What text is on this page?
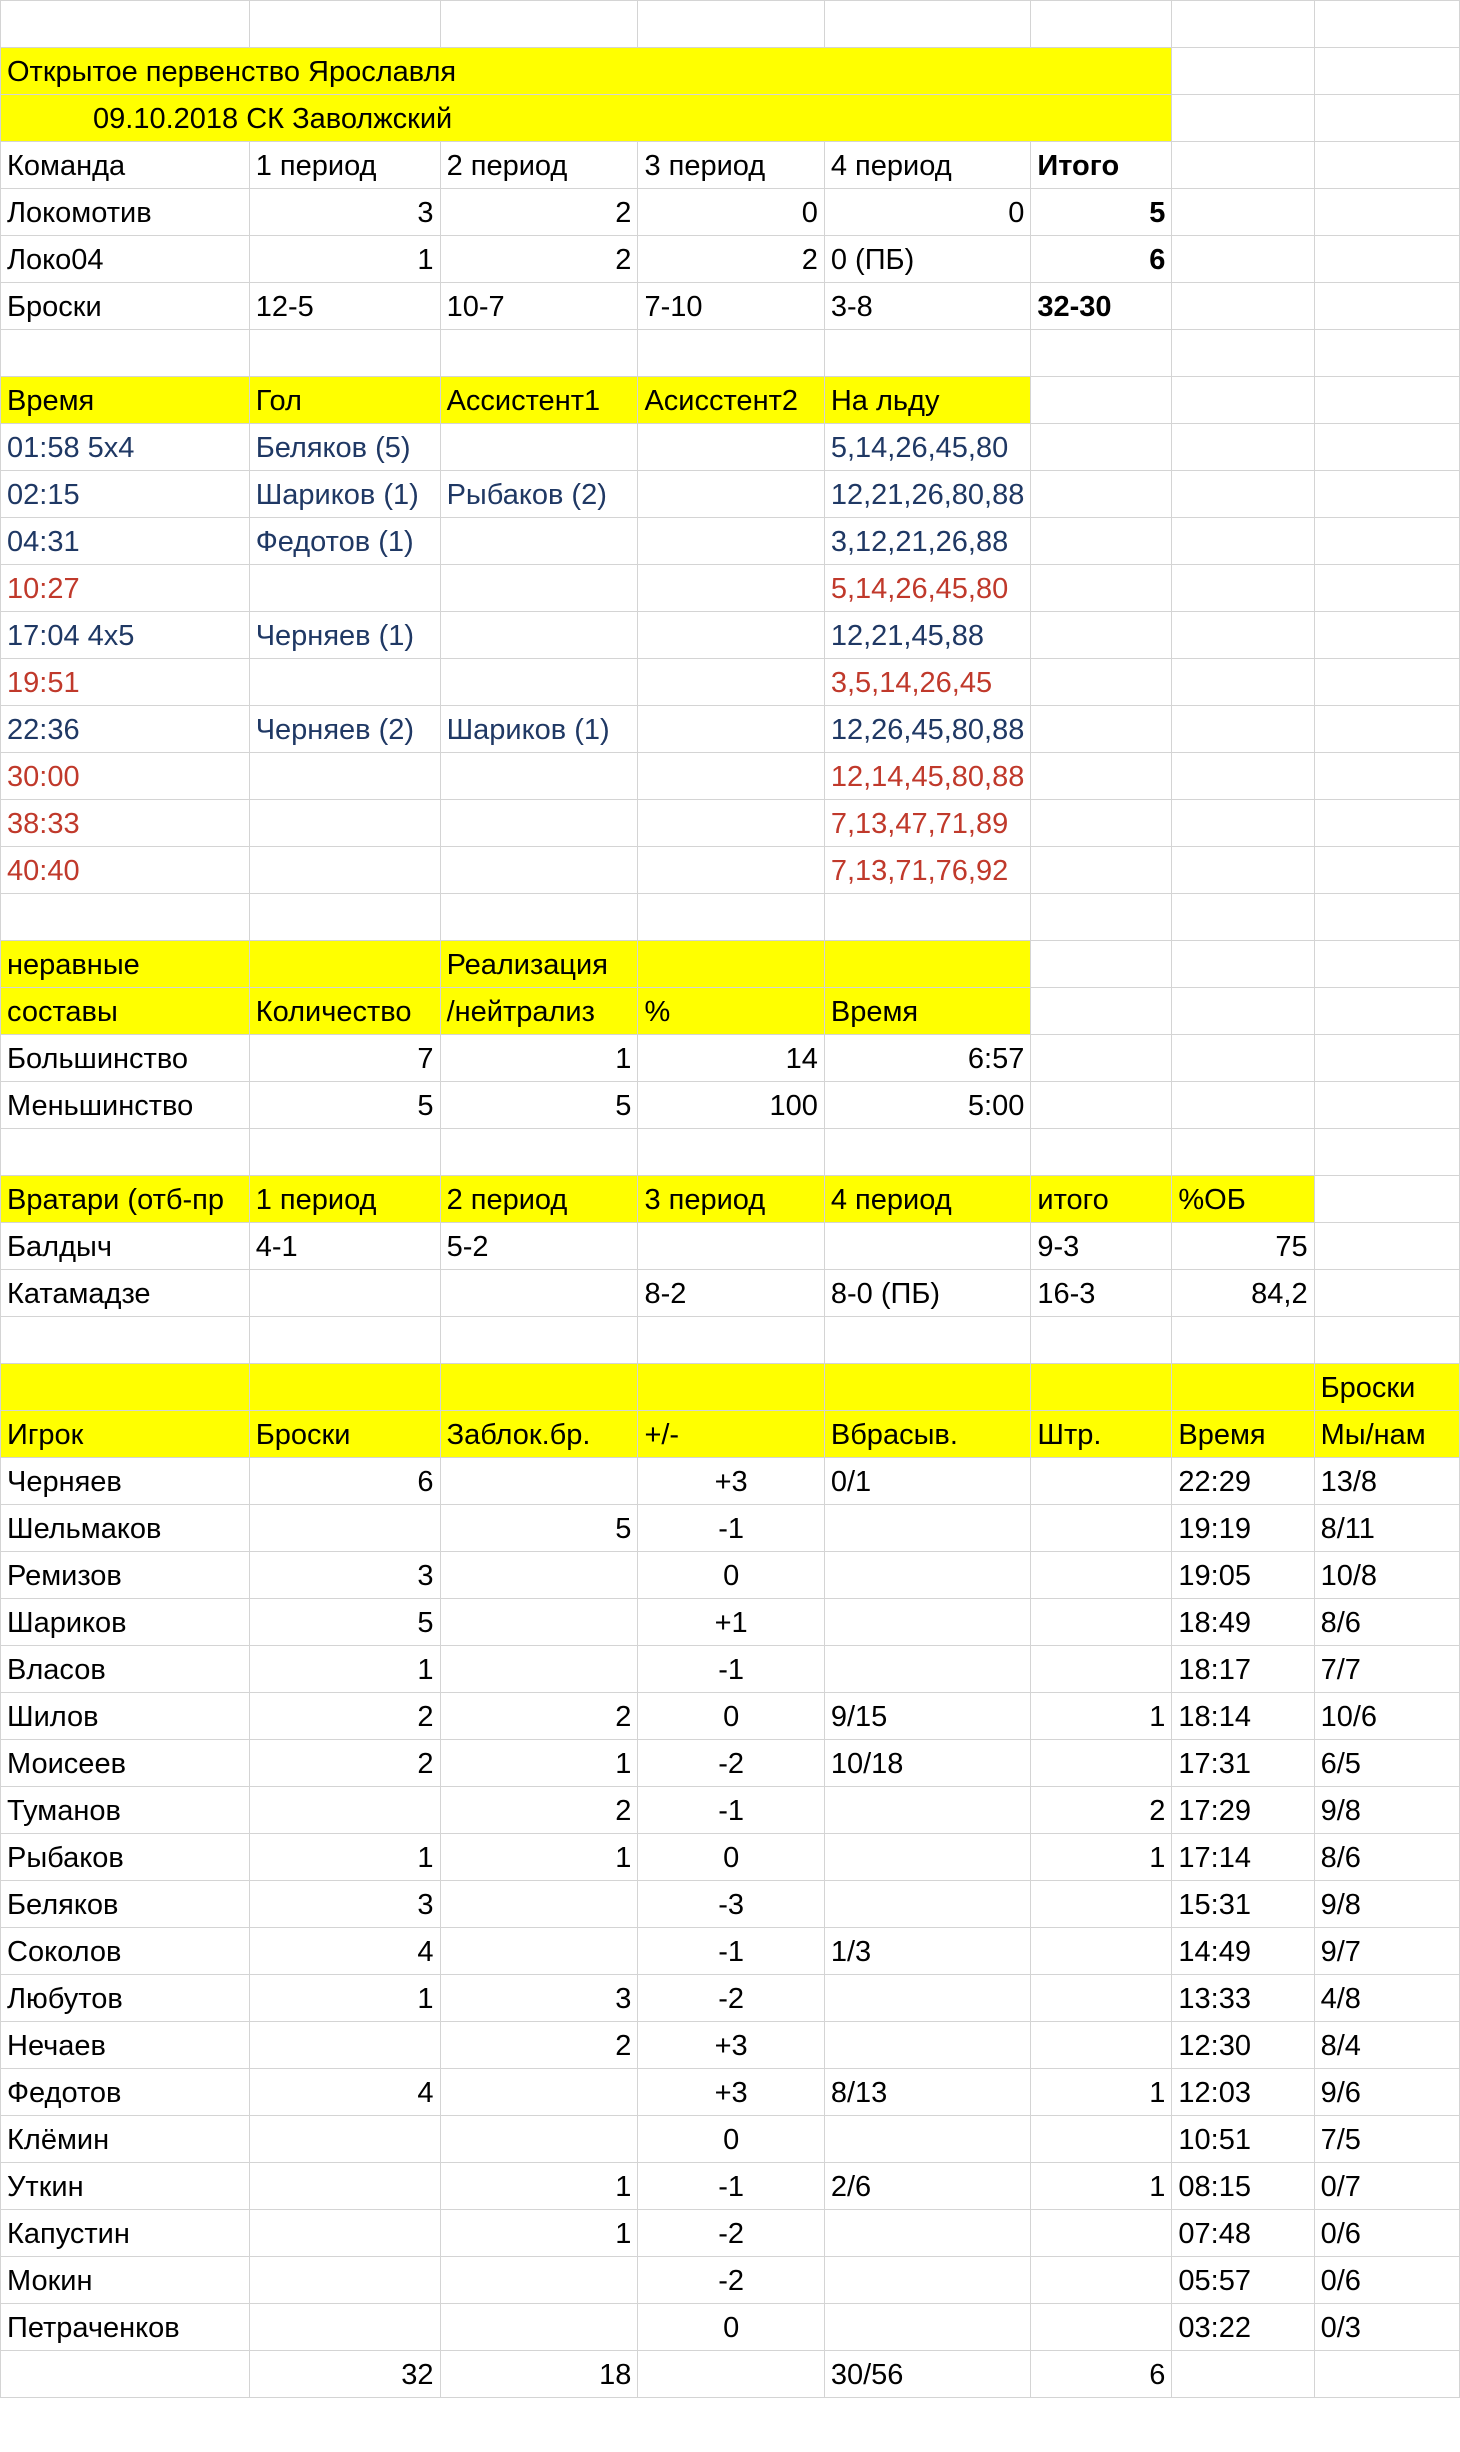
Открытое первенство Ярославля							
09.10.2018 СК Заволжский							
Команда	1 период	2 период	3 период	4 период	Итого		
Локомотив	3	2	0	0	5		
Локо04	1	2	2	0 (ПБ)	6		
Броски	12-5	10-7	7-10	3-8	32-30		

Время	Гол	Ассистент1	Асисстент2	На льду			
01:58 5x4	Беляков (5)			5,14,26,45,80			
02:15	Шариков (1)	Рыбаков (2)		12,21,26,80,88			
04:31	Федотов (1)			3,12,21,26,88			
10:27				5,14,26,45,80			
17:04 4x5	Черняев (1)			12,21,45,88			
19:51				3,5,14,26,45			
22:36	Черняев (2)	Шариков (1)		12,26,45,80,88			
30:00				12,14,45,80,88			
38:33				7,13,47,71,89			
40:40				7,13,71,76,92			

неравные		Реализация					
составы	Количество	/нейтрализ	%	Время			
Большинство	7	1	14	6:57			
Меньшинство	5	5	100	5:00			

Вратари (отб-пр	1 период	2 период	3 период	4 период	итого	%ОБ	
Балдыч	4-1	5-2			9-3	75	
Катамадзе			8-2	8-0 (ПБ)	16-3	84,2	

							Броски
Игрок	Броски	Заблок.бр.	+/-	Вбрасыв.	Штр.	Время	Мы/нам
Черняев	6		+3	0/1		22:29	13/8
Шельмаков		5	-1			19:19	8/11
Ремизов	3		0			19:05	10/8
Шариков	5		+1			18:49	8/6
Власов	1		-1			18:17	7/7
Шилов	2	2	0	9/15	1	18:14	10/6
Моисеев	2	1	-2	10/18		17:31	6/5
Туманов		2	-1		2	17:29	9/8
Рыбаков	1	1	0		1	17:14	8/6
Беляков	3		-3			15:31	9/8
Соколов	4		-1	1/3		14:49	9/7
Любутов	1	3	-2			13:33	4/8
Нечаев		2	+3			12:30	8/4
Федотов	4		+3	8/13	1	12:03	9/6
Клёмин			0			10:51	7/5
Уткин		1	-1	2/6	1	08:15	0/7
Капустин		1	-2			07:48	0/6
Мокин			-2			05:57	0/6
Петраченков			0			03:22	0/3
	32	18		30/56	6		
